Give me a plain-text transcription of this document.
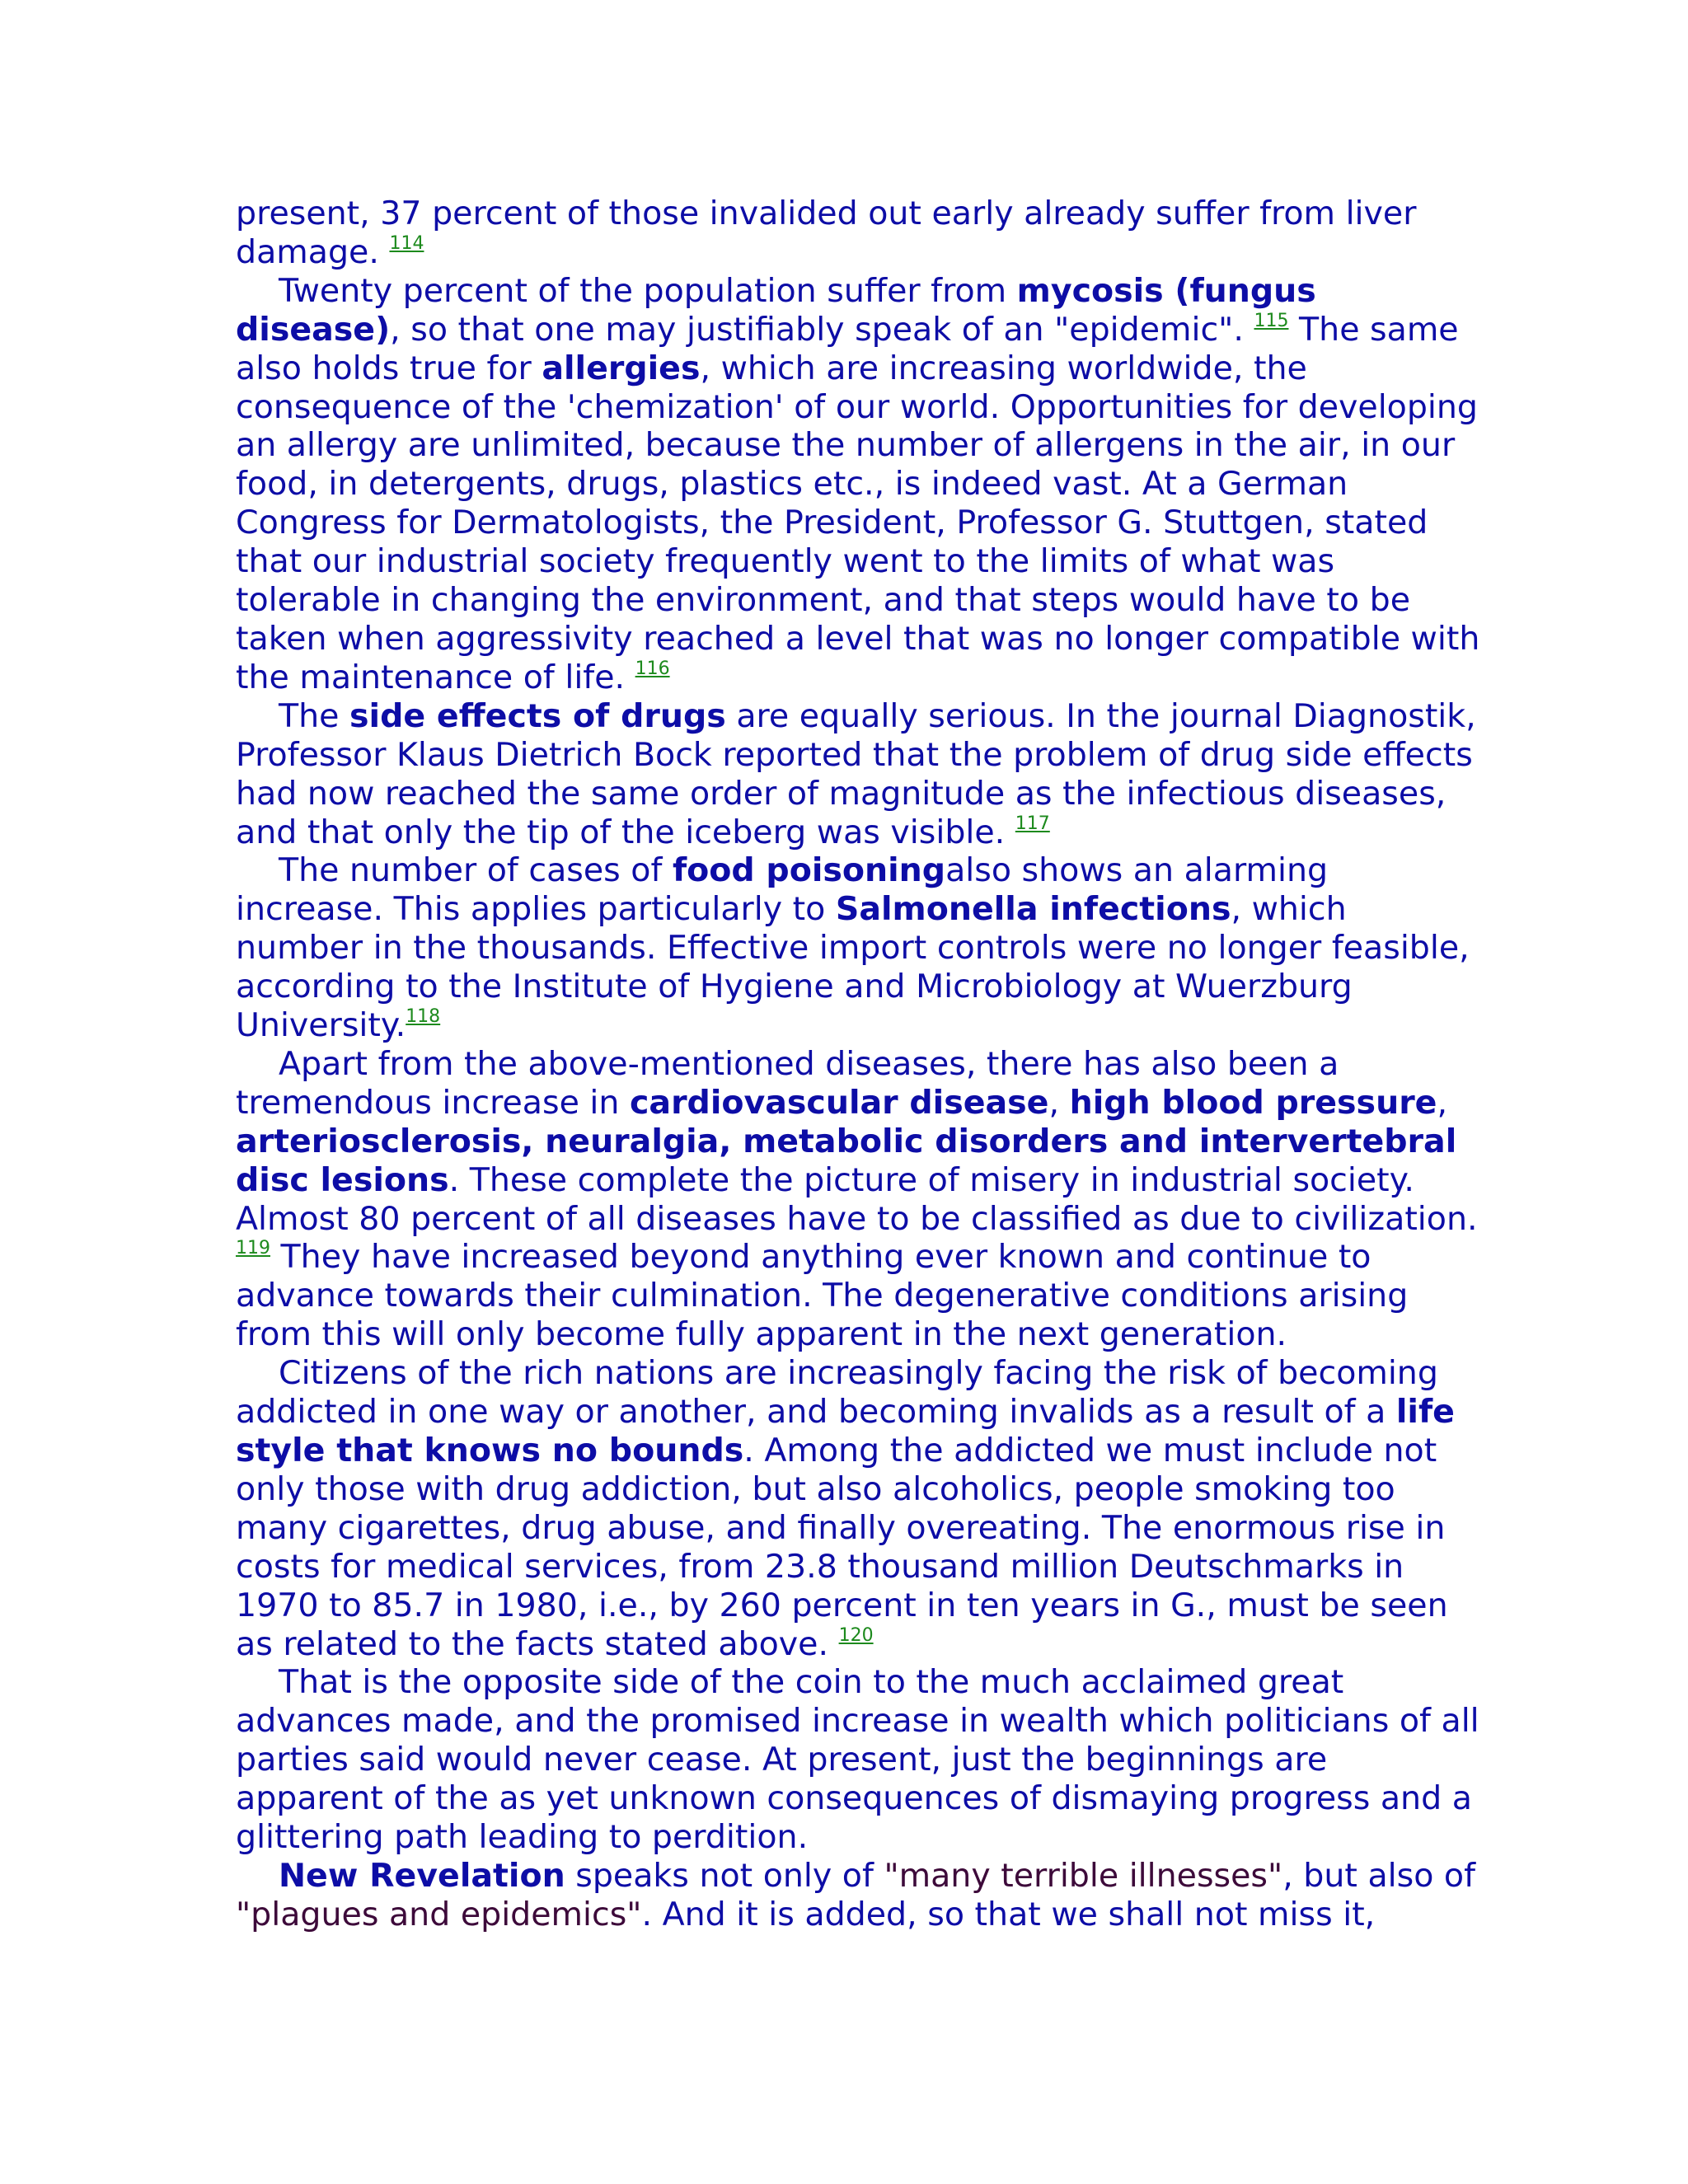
present, 37 percent of those invalided out early already suffer from liver damage. $^{114}$

Twenty percent of the population suffer from mycosis (fungus disease), so that one may justifiably speak of an "epidemic". $^{115}$ The same also holds true for allergies, which are increasing worldwide, the consequence of the 'chemization' of our world. Opportunities for developing an allergy are unlimited, because the number of allergens in the air, in our food, in detergents, drugs, plastics etc., is indeed vast. At a German Congress for Dermatologists, the President, Professor G. Stuttgen, stated that our industrial society frequently went to the limits of what was tolerable in changing the environment, and that steps would have to be taken when aggressivity reached a level that was no longer compatible with the maintenance of life. $^{116}$

The side effects of drugs are equally serious. In the journal Diagnostik, Professor Klaus Dietrich Bock reported that the problem of drug side effects had now reached the same order of magnitude as the infectious diseases, and that only the tip of the iceberg was visible. $^{117}$

The number of cases of food poisoningalso shows an alarming increase. This applies particularly to Salmonella infections, which number in the thousands. Effective import controls were no longer feasible, according to the Institute of Hygiene and Microbiology at Wuerzburg University.$^{118}$

Apart from the above-mentioned diseases, there has also been a tremendous increase in cardiovascular disease, high blood pressure, arteriosclerosis, neuralgia, metabolic disorders and intervertebral disc lesions. These complete the picture of misery in industrial society. Almost 80 percent of all diseases have to be classified as due to civilization. $^{119}$ They have increased beyond anything ever known and continue to advance towards their culmination. The degenerative conditions arising from this will only become fully apparent in the next generation.

Citizens of the rich nations are increasingly facing the risk of becoming addicted in one way or another, and becoming invalids as a result of a life style that knows no bounds. Among the addicted we must include not only those with drug addiction, but also alcoholics, people smoking too many cigarettes, drug abuse, and finally overeating. The enormous rise in costs for medical services, from 23.8 thousand million Deutschmarks in 1970 to 85.7 in 1980, i.e., by 260 percent in ten years in G., must be seen as related to the facts stated above. $^{120}$

That is the opposite side of the coin to the much acclaimed great advances made, and the promised increase in wealth which politicians of all parties said would never cease. At present, just the beginnings are apparent of the as yet unknown consequences of dismaying progress and a glittering path leading to perdition.

New Revelation speaks not only of "many terrible illnesses", but also of "plagues and epidemics". And it is added, so that we shall not miss it,
